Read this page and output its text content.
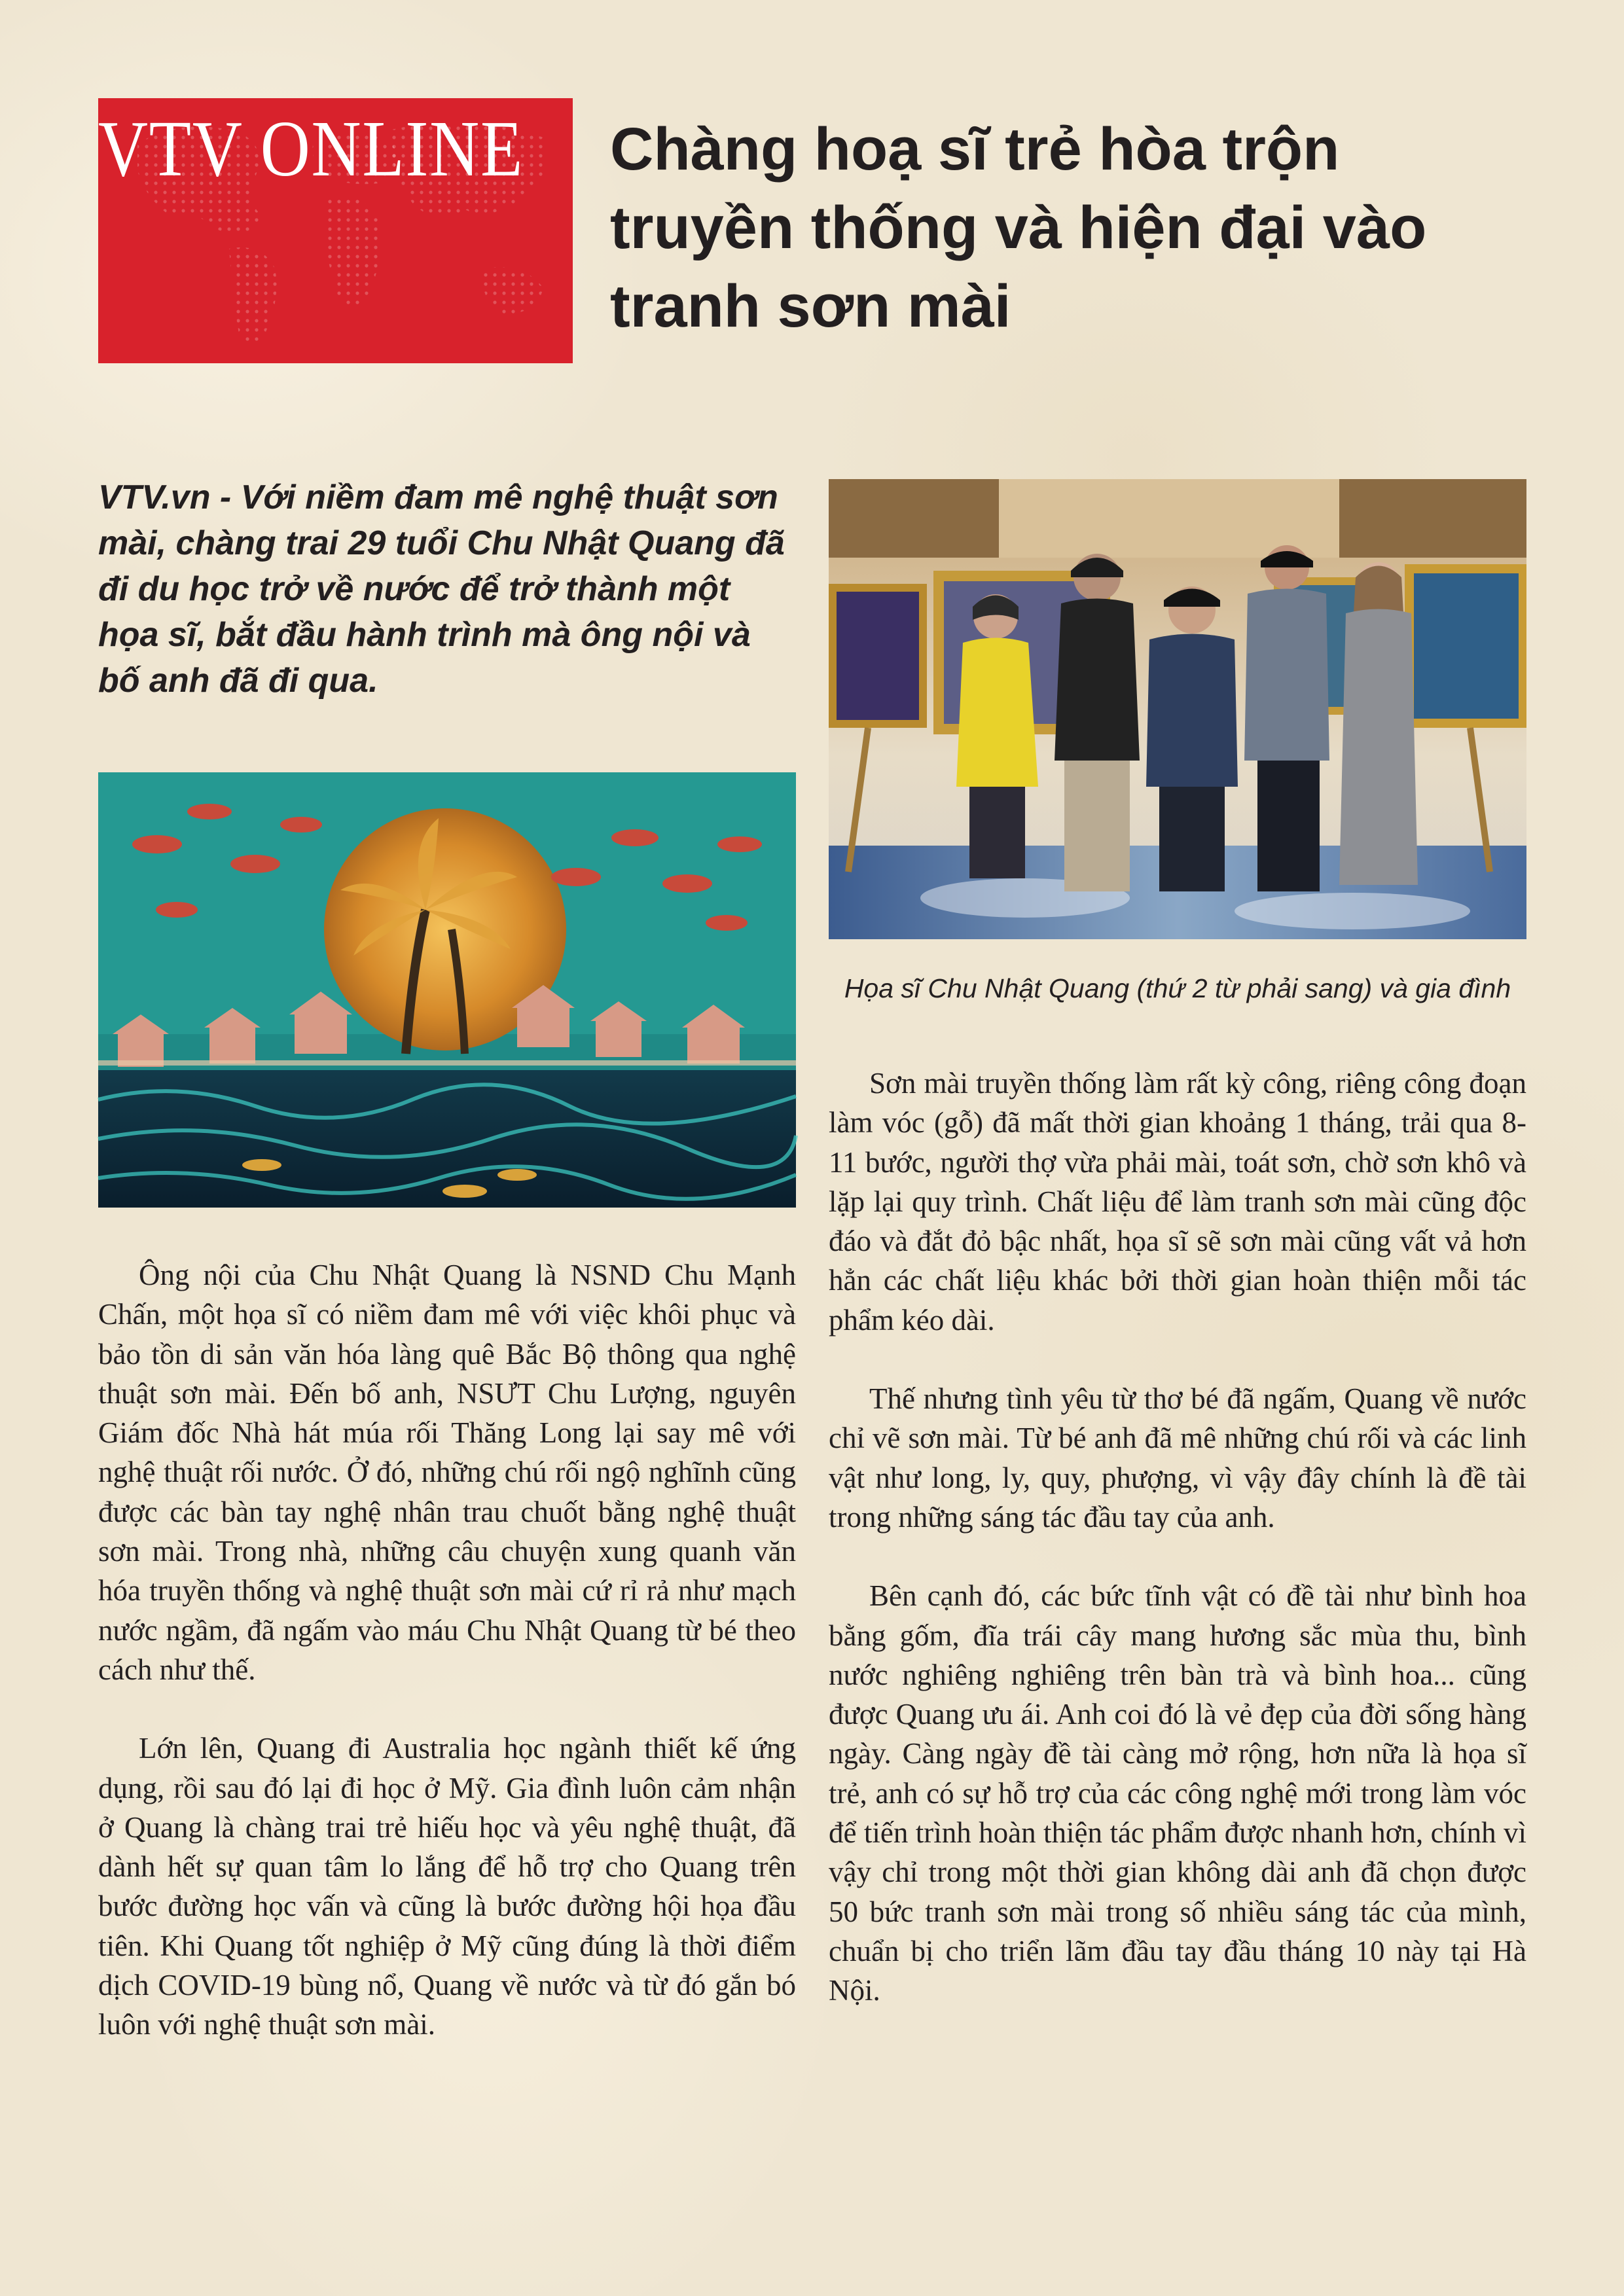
VTV ONLINE Chàng hoạ sĩ trẻ hòa trộn truyền thống và hiện đại vào tranh sơn mài

VTV.vn - Với niềm đam mê nghệ thuật sơn mài, chàng trai 29 tuổi Chu Nhật Quang đã đi du học trở về nước để trở thành một họa sĩ, bắt đầu hành trình mà ông nội và bố anh đã đi qua.

Họa sĩ Chu Nhật Quang (thứ 2 từ phải sang) và gia đình

Ông nội của Chu Nhật Quang là NSND Chu Mạnh Chấn, một họa sĩ có niềm đam mê với việc khôi phục và bảo tồn di sản văn hóa làng quê Bắc Bộ thông qua nghệ thuật sơn mài. Đến bố anh, NSƯT Chu Lượng, nguyên Giám đốc Nhà hát múa rối Thăng Long lại say mê với nghệ thuật rối nước. Ở đó, những chú rối ngộ nghĩnh cũng được các bàn tay nghệ nhân trau chuốt bằng nghệ thuật sơn mài. Trong nhà, những câu chuyện xung quanh văn hóa truyền thống và nghệ thuật sơn mài cứ rỉ rả như mạch nước ngầm, đã ngấm vào máu Chu Nhật Quang từ bé theo cách như thế.

Lớn lên, Quang đi Australia học ngành thiết kế ứng dụng, rồi sau đó lại đi học ở Mỹ. Gia đình luôn cảm nhận ở Quang là chàng trai trẻ hiếu học và yêu nghệ thuật, đã dành hết sự quan tâm lo lắng để hỗ trợ cho Quang trên bước đường học vấn và cũng là bước đường hội họa đầu tiên. Khi Quang tốt nghiệp ở Mỹ cũng đúng là thời điểm dịch COVID-19 bùng nổ, Quang về nước và từ đó gắn bó luôn với nghệ thuật sơn mài.

Sơn mài truyền thống làm rất kỳ công, riêng công đoạn làm vóc (gỗ) đã mất thời gian khoảng 1 tháng, trải qua 8-11 bước, người thợ vừa phải mài, toát sơn, chờ sơn khô và lặp lại quy trình. Chất liệu để làm tranh sơn mài cũng độc đáo và đắt đỏ bậc nhất, họa sĩ sẽ sơn mài cũng vất vả hơn hẳn các chất liệu khác bởi thời gian hoàn thiện mỗi tác phẩm kéo dài.

Thế nhưng tình yêu từ thơ bé đã ngấm, Quang về nước chỉ vẽ sơn mài. Từ bé anh đã mê những chú rối và các linh vật như long, ly, quy, phượng, vì vậy đây chính là đề tài trong những sáng tác đầu tay của anh.

Bên cạnh đó, các bức tĩnh vật có đề tài như bình hoa bằng gốm, đĩa trái cây mang hương sắc mùa thu, bình nước nghiêng nghiêng trên bàn trà và bình hoa... cũng được Quang ưu ái. Anh coi đó là vẻ đẹp của đời sống hàng ngày. Càng ngày đề tài càng mở rộng, hơn nữa là họa sĩ trẻ, anh có sự hỗ trợ của các công nghệ mới trong làm vóc để tiến trình hoàn thiện tác phẩm được nhanh hơn, chính vì vậy chỉ trong một thời gian không dài anh đã chọn được 50 bức tranh sơn mài trong số nhiều sáng tác của mình, chuẩn bị cho triển lãm đầu tay đầu tháng 10 này tại Hà Nội.
